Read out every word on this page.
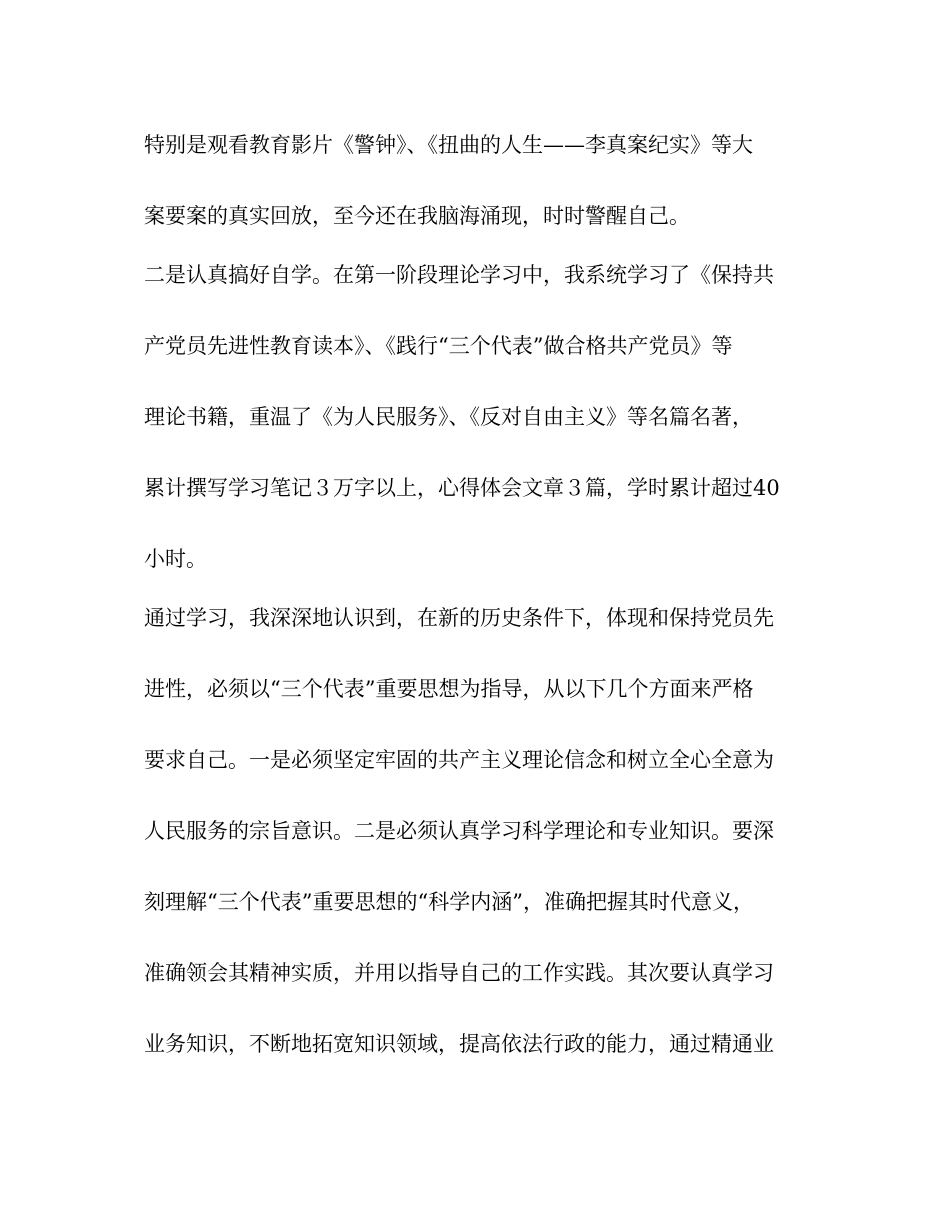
特别是观看教育影片《警钟》、《扭曲的人生——李真案纪实》等大
案要案的真实回放，至今还在我脑海涌现，时时警醒自己。
二是认真搞好自学。在第一阶段理论学习中，我系统学习了《保持共
产党员先进性教育读本》、《践行“三个代表”做合格共产党员》等
理论书籍，重温了《为人民服务》、《反对自由主义》等名篇名著，
累计撰写学习笔记３万字以上，心得体会文章３篇，学时累计超过40
小时。
通过学习，我深深地认识到，在新的历史条件下，体现和保持党员先
进性，必须以“三个代表”重要思想为指导，从以下几个方面来严格
要求自己。一是必须坚定牢固的共产主义理论信念和树立全心全意为
人民服务的宗旨意识。二是必须认真学习科学理论和专业知识。要深
刻理解“三个代表”重要思想的“科学内涵”，准确把握其时代意义，
准确领会其精神实质，并用以指导自己的工作实践。其次要认真学习
业务知识，不断地拓宽知识领域，提高依法行政的能力，通过精通业
